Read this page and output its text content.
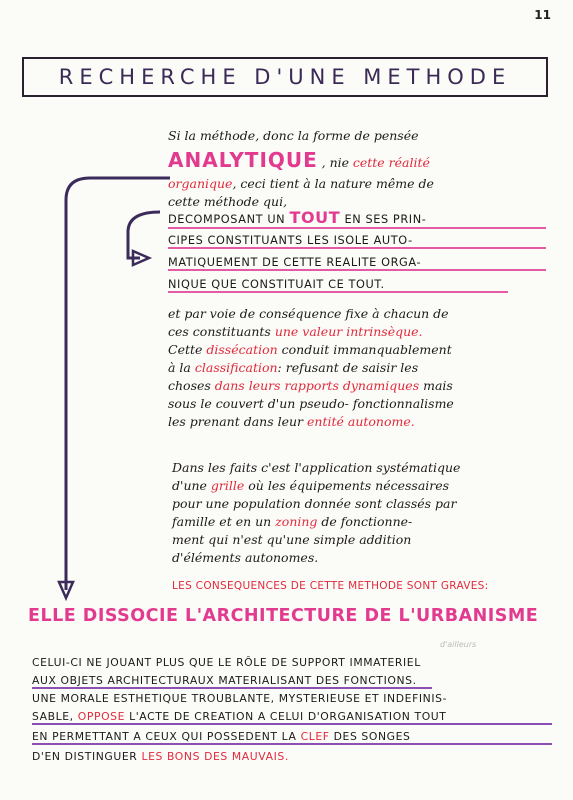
11
RECHERCHE D'UNE METHODE
Si la méthode, donc la forme de pensée
ANALYTIQUE , nie cette réalité
organique, ceci tient à la nature même de
cette méthode qui,
DECOMPOSANT UN TOUT EN SES PRIN-
CIPES CONSTITUANTS LES ISOLE AUTO-
MATIQUEMENT DE CETTE REALITE ORGA-
NIQUE QUE CONSTITUAIT CE TOUT.
et par voie de conséquence fixe à chacun de
ces constituants une valeur intrinsèque.
Cette dissécation conduit immanquablement
à la classification: refusant de saisir les
choses dans leurs rapports dynamiques mais
sous le couvert d'un pseudo- fonctionnalisme
les prenant dans leur entité autonome.
Dans les faits c'est l'application systématique
d'une grille où les équipements nécessaires
pour une population donnée sont classés par
famille et en un zoning de fonctionne-
ment qui n'est qu'une simple addition
d'éléments autonomes.
LES CONSEQUENCES DE CETTE METHODE SONT GRAVES:
ELLE DISSOCIE L'ARCHITECTURE DE L'URBANISME
d'ailleurs
CELUI-CI NE JOUANT PLUS QUE LE RÔLE DE SUPPORT IMMATERIEL
AUX OBJETS ARCHITECTURAUX MATERIALISANT DES FONCTIONS.
UNE MORALE ESTHETIQUE TROUBLANTE, MYSTERIEUSE ET INDEFINIS-
SABLE, OPPOSE L'ACTE DE CREATION A CELUI D'ORGANISATION TOUT
EN PERMETTANT A CEUX QUI POSSEDENT LA CLEF DES SONGES
D'EN DISTINGUER LES BONS DES MAUVAIS.
